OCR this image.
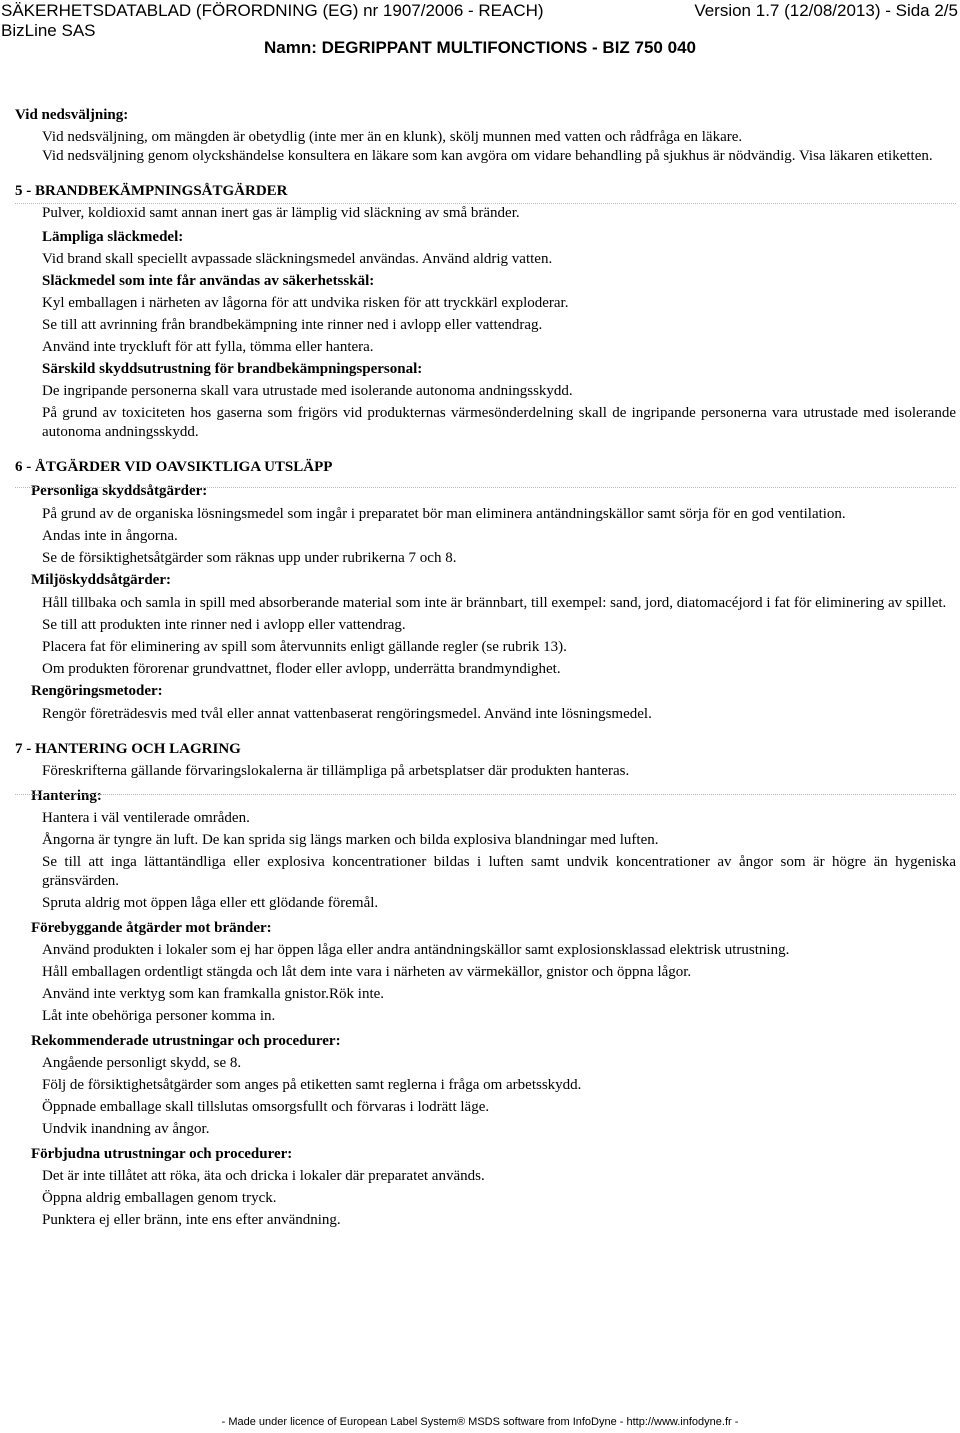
SÄKERHETSDATABLAD (FÖRORDNING (EG) nr 1907/2006 - REACH)	Version 1.7 (12/08/2013) - Sida 2/5
BizLine SAS
Namn: DEGRIPPANT MULTIFONCTIONS - BIZ 750 040

Vid nedsväljning:

Vid nedsväljning, om mängden är obetydlig (inte mer än en klunk), skölj munnen med vatten och rådfråga en läkare.

Vid nedsväljning genom olyckshändelse konsultera en läkare som kan avgöra om vidare behandling på sjukhus är nödvändig. Visa läkaren etiketten.

5 - BRANDBEKÄMPNINGSÅTGÄRDER

Pulver, koldioxid samt annan inert gas är lämplig vid släckning av små bränder.

Lämpliga släckmedel:

Vid brand skall speciellt avpassade släckningsmedel användas. Använd aldrig vatten.

Släckmedel som inte får användas av säkerhetsskäl:

Kyl emballagen i närheten av lågorna för att undvika risken för att tryckkärl exploderar.

Se till att avrinning från brandbekämpning inte rinner ned i avlopp eller vattendrag.

Använd inte tryckluft för att fylla, tömma eller hantera.

Särskild skyddsutrustning för brandbekämpningspersonal:

De ingripande personerna skall vara utrustade med isolerande autonoma andningsskydd.

På grund av toxiciteten hos gaserna som frigörs vid produkternas värmesönderdelning skall de ingripande personerna vara utrustade med isolerande autonoma andningsskydd.

6 - ÅTGÄRDER VID OAVSIKTLIGA UTSLÄPP

Personliga skyddsåtgärder:

På grund av de organiska lösningsmedel som ingår i preparatet bör man eliminera antändningskällor samt sörja för en god ventilation.

Andas inte in ångorna.

Se de försiktighetsåtgärder som räknas upp under rubrikerna 7 och 8.

Miljöskyddsåtgärder:

Håll tillbaka och samla in spill med absorberande material som inte är brännbart, till exempel: sand, jord, diatomacéjord i fat för eliminering av spillet.

Se till att produkten inte rinner ned i avlopp eller vattendrag.

Placera fat för eliminering av spill som återvunnits enligt gällande regler (se rubrik 13).

Om produkten förorenar grundvattnet, floder eller avlopp, underrätta brandmyndighet.

Rengöringsmetoder:

Rengör företrädesvis med tvål eller annat vattenbaserat rengöringsmedel. Använd inte lösningsmedel.

7 - HANTERING OCH LAGRING

Föreskrifterna gällande förvaringslokalerna är tillämpliga på arbetsplatser där produkten hanteras.

Hantering:

Hantera i väl ventilerade områden.

Ångorna är tyngre än luft. De kan sprida sig längs marken och bilda explosiva blandningar med luften.

Se till att inga lättantändliga eller explosiva koncentrationer bildas i luften samt undvik koncentrationer av ångor som är högre än hygeniska gränsvärden.

Spruta aldrig mot öppen låga eller ett glödande föremål.

Förebyggande åtgärder mot bränder:

Använd produkten i lokaler som ej har öppen låga eller andra antändningskällor samt explosionsklassad elektrisk utrustning.

Håll emballagen ordentligt stängda och låt dem inte vara i närheten av värmekällor, gnistor och öppna lågor.

Använd inte verktyg som kan framkalla gnistor.Rök inte.

Låt inte obehöriga personer komma in.

Rekommenderade utrustningar och procedurer:

Angående personligt skydd, se 8.

Följ de försiktighetsåtgärder som anges på etiketten samt reglerna i fråga om arbetsskydd.

Öppnade emballage skall tillslutas omsorgsfullt och förvaras i lodrätt läge.

Undvik inandning av ångor.

Förbjudna utrustningar och procedurer:

Det är inte tillåtet att röka, äta och dricka i lokaler där preparatet används.

Öppna aldrig emballagen genom tryck.

Punktera ej eller bränn, inte ens efter användning.

- Made under licence of European Label System® MSDS software from InfoDyne - http://www.infodyne.fr -
